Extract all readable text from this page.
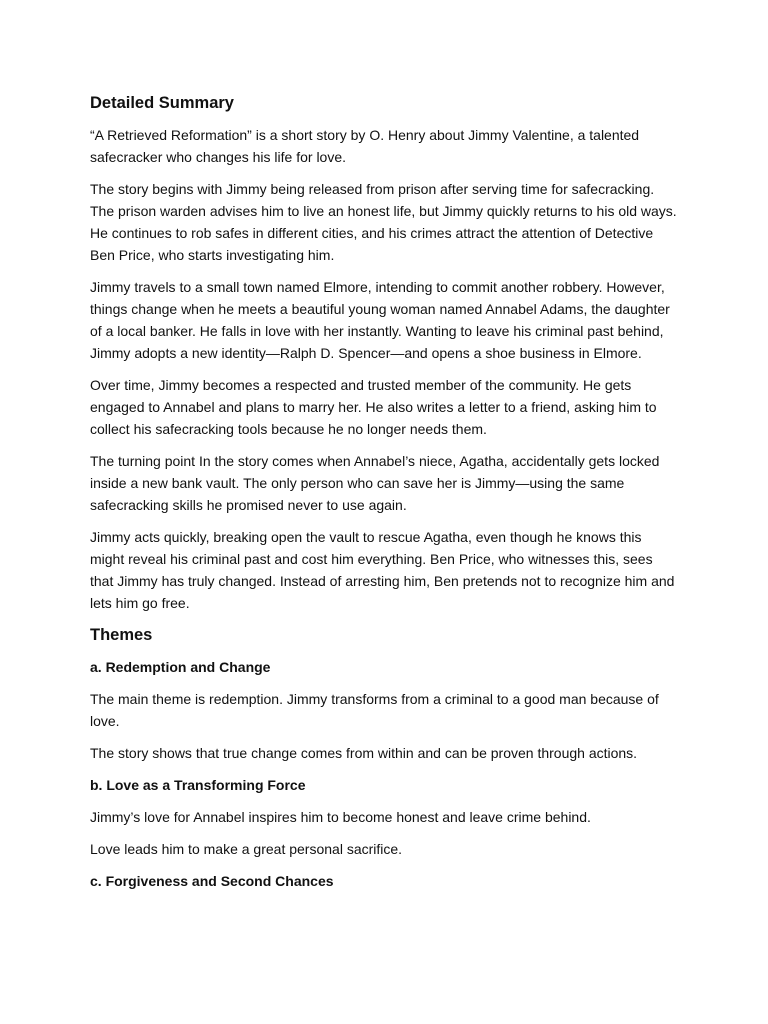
Detailed Summary

“A Retrieved Reformation” is a short story by O. Henry about Jimmy Valentine, a talented safecracker who changes his life for love.

The story begins with Jimmy being released from prison after serving time for safecracking. The prison warden advises him to live an honest life, but Jimmy quickly returns to his old ways. He continues to rob safes in different cities, and his crimes attract the attention of Detective Ben Price, who starts investigating him.

Jimmy travels to a small town named Elmore, intending to commit another robbery. However, things change when he meets a beautiful young woman named Annabel Adams, the daughter of a local banker. He falls in love with her instantly. Wanting to leave his criminal past behind, Jimmy adopts a new identity—Ralph D. Spencer—and opens a shoe business in Elmore.

Over time, Jimmy becomes a respected and trusted member of the community. He gets engaged to Annabel and plans to marry her. He also writes a letter to a friend, asking him to collect his safecracking tools because he no longer needs them.

The turning point In the story comes when Annabel’s niece, Agatha, accidentally gets locked inside a new bank vault. The only person who can save her is Jimmy—using the same safecracking skills he promised never to use again.

Jimmy acts quickly, breaking open the vault to rescue Agatha, even though he knows this might reveal his criminal past and cost him everything. Ben Price, who witnesses this, sees that Jimmy has truly changed. Instead of arresting him, Ben pretends not to recognize him and lets him go free.

Themes
a. Redemption and Change

The main theme is redemption. Jimmy transforms from a criminal to a good man because of love.

The story shows that true change comes from within and can be proven through actions.

b. Love as a Transforming Force

Jimmy’s love for Annabel inspires him to become honest and leave crime behind.

Love leads him to make a great personal sacrifice.

c. Forgiveness and Second Chances
